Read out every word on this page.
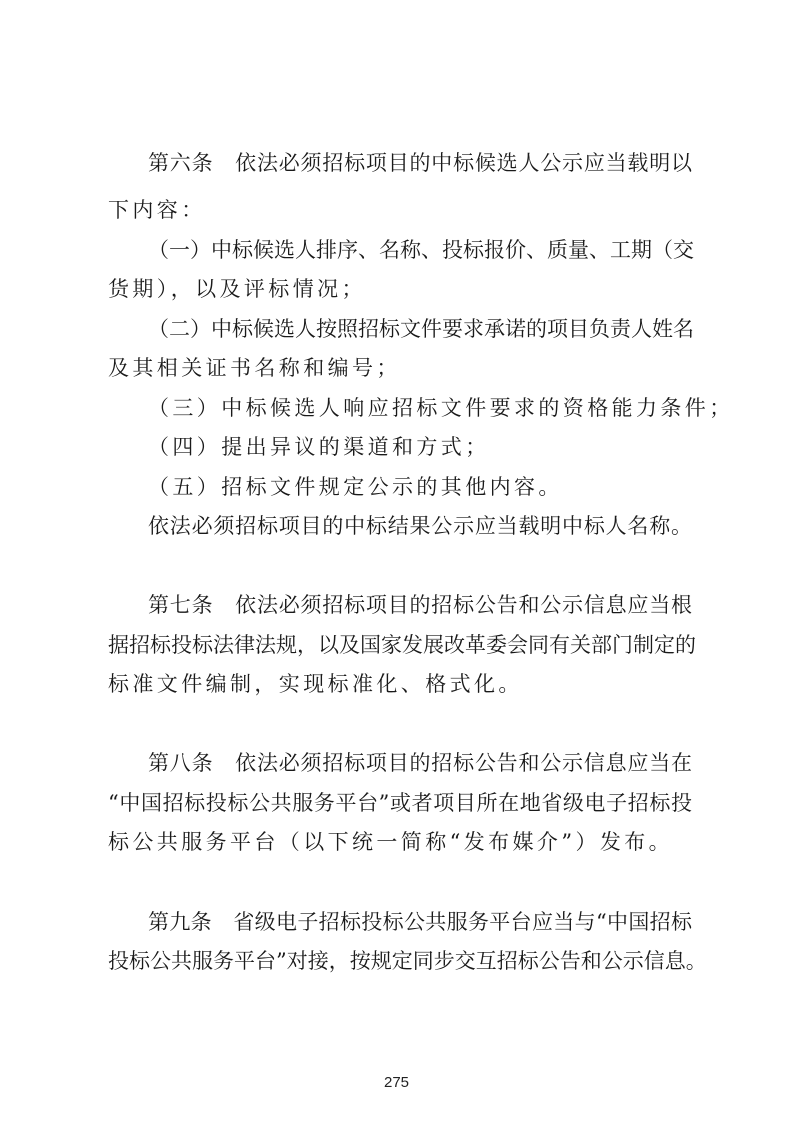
第六条　依法必须招标项目的中标候选人公示应当载明以
下内容：
（一）中标候选人排序、名称、投标报价、质量、工期（交
货期），以及评标情况；
（二）中标候选人按照招标文件要求承诺的项目负责人姓名
及其相关证书名称和编号；
（三）中标候选人响应招标文件要求的资格能力条件；
（四）提出异议的渠道和方式；
（五）招标文件规定公示的其他内容。
依法必须招标项目的中标结果公示应当载明中标人名称。
第七条　依法必须招标项目的招标公告和公示信息应当根
据招标投标法律法规，以及国家发展改革委会同有关部门制定的
标准文件编制，实现标准化、格式化。
第八条　依法必须招标项目的招标公告和公示信息应当在
“中国招标投标公共服务平台”或者项目所在地省级电子招标投
标公共服务平台（以下统一简称“发布媒介”）发布。
第九条　省级电子招标投标公共服务平台应当与“中国招标
投标公共服务平台”对接，按规定同步交互招标公告和公示信息。
275
